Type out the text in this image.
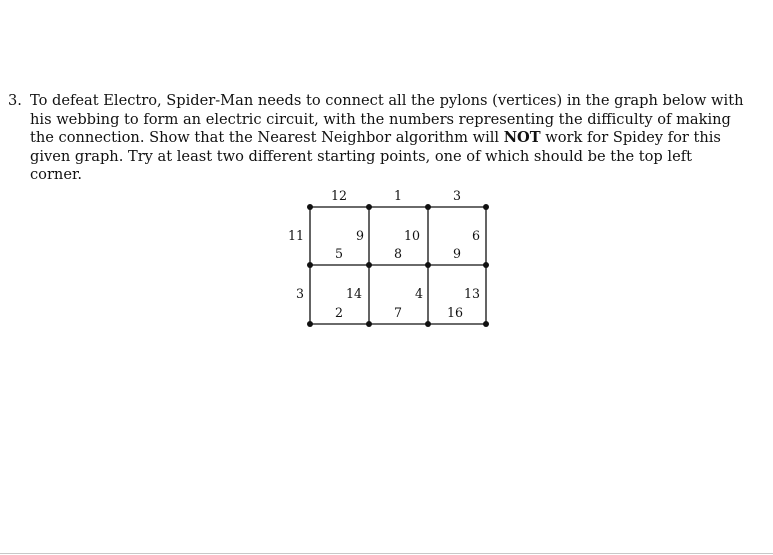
3. To defeat Electro, Spider-Man needs to connect all the pylons (vertices) in the graph below with his webbing to form an electric circuit, with the numbers representing the difficulty of making the connection. Show that the Nearest Neighbor algorithm will NOT work for Spidey for this given graph. Try at least two different starting points, one of which should be the top left corner.
12	1	3
11	9
5
10
8
6
9
3	14
2
4
7
13
16
